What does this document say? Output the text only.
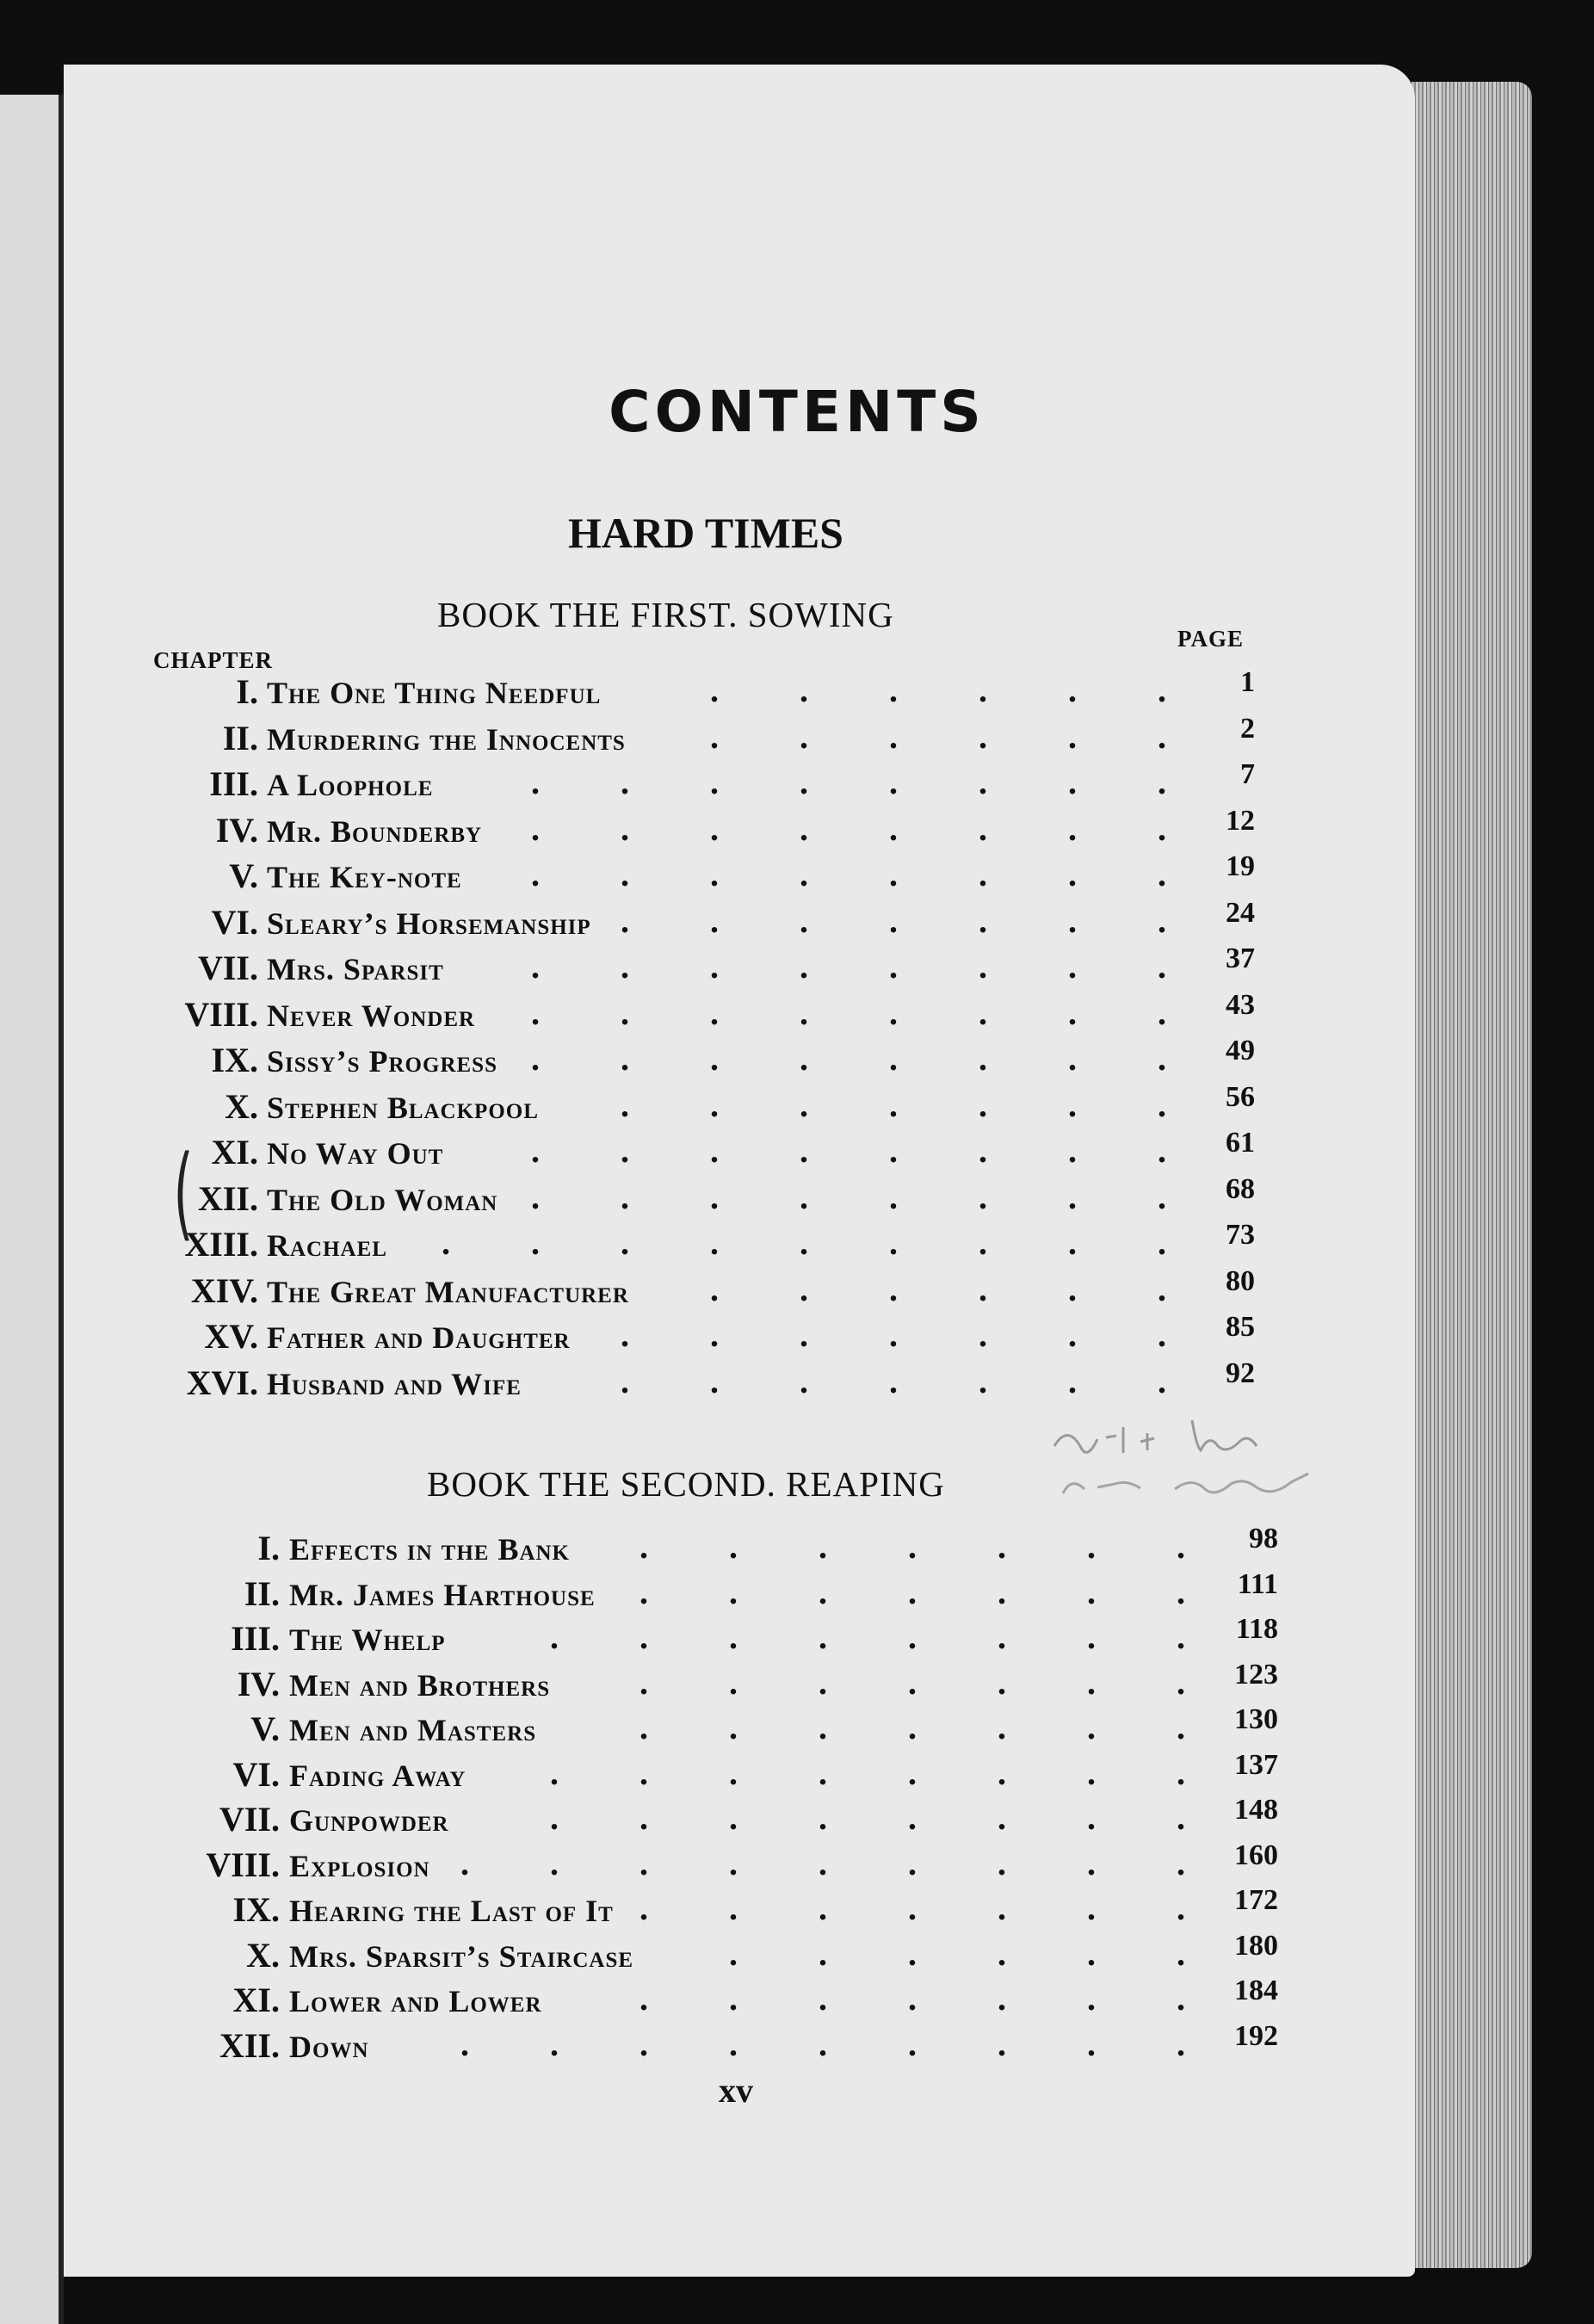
CONTENTS
HARD TIMES
BOOK THE FIRST. SOWING
CHAPTER
PAGE
I. The One Thing Needful	.
.
.
.
.
.	1
II. Murdering the Innocents	.
.
.
.
.
.	2
III. A Loophole	.
.
.
.
.
.
.
.	7
IV. Mr. Bounderby	.
.
.
.
.
.
.
.	12
V. The Key-note	.
.
.
.
.
.
.
.	19
VI. Sleary’s Horsemanship	.
.
.
.
.
.
.	24
VII. Mrs. Sparsit	.
.
.
.
.
.
.
.	37
VIII. Never Wonder	.
.
.
.
.
.
.
.	43
IX. Sissy’s Progress	.
.
.
.
.
.
.
.	49
X. Stephen Blackpool	.
.
.
.
.
.
.	56
XI. No Way Out	.
.
.
.
.
.
.
.	61
XII. The Old Woman	.
.
.
.
.
.
.
.	68
XIII. Rachael	.
.
.
.
.
.
.
.
.	73
XIV. The Great Manufacturer	.
.
.
.
.
.	80
XV. Father and Daughter	.
.
.
.
.
.
.	85
XVI. Husband and Wife	.
.
.
.
.
.
.	92
BOOK THE SECOND. REAPING
I. Effects in the Bank	.
.
.
.
.
.
.	98
II. Mr. James Harthouse	.
.
.
.
.
.
.	111
III. The Whelp	.
.
.
.
.
.
.
.	118
IV. Men and Brothers	.
.
.
.
.
.
.	123
V. Men and Masters	.
.
.
.
.
.
.	130
VI. Fading Away	.
.
.
.
.
.
.
.	137
VII. Gunpowder	.
.
.
.
.
.
.
.	148
VIII. Explosion	.
.
.
.
.
.
.
.
.	160
IX. Hearing the Last of It	.
.
.
.
.
.
.	172
X. Mrs. Sparsit’s Staircase	.
.
.
.
.
.	180
XI. Lower and Lower	.
.
.
.
.
.
.	184
XII. Down	.
.
.
.
.
.
.
.
.	192
(
xv
